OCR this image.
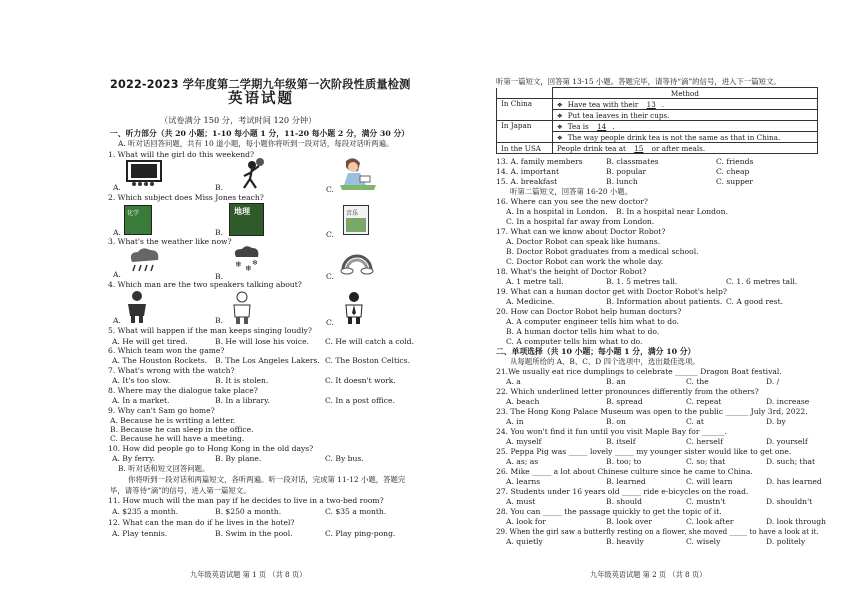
2022-2023 学年度第二学期九年级第一次阶段性质量检测
英语试题
（试卷满分 150 分，考试时间 120 分钟）
一、听力部分（共 20 小题；1-10 每小题 1 分，11-20 每小题 2 分，满分 30 分）
A. 听对话回答问题，共有 10 道小题，每小题你将听到一段对话，每段对话听两遍。
1. What will the girl do this weekend?
A.	B.	C.
2. Which subject does Miss Jones teach?
A.
化学
B.
地理
C.
音乐
3. What's the weather like now?
A.	B.
❄ ❄
❄
C.
4. Which man are the two speakers talking about?
A.	B.	C.
5. What will happen if the man keeps singing loudly?
A. He will get tired.	B. He will lose his voice. C. He will catch a cold.
6. Which team won the game?
A. The Houston Rockets. B. The Los Angeles Lakers. C. The Boston Celtics.
7. What's wrong with the watch?
A. It's too slow.	B. It is stolen.	C. It doesn't work.
8. Where may the dialogue take place?
A. In a market.	B. In a library.	C. In a post office.
9. Why can't Sam go home?
A. Because he is writing a letter.
B. Because he can sleep in the office.
C. Because he will have a meeting.
10. How did people go to Hong Kong in the old days?
A. By ferry.	B. By plane.	C. By bus.
B. 听对话和短文回答问题。
你将听到一段对话和两篇短文，各听两遍。听一段对话，完成第 11-12 小题，答题完
毕，请等待“滴”的信号，进入第一篇短文。
11. How much will the man pay if he decides to live in a two-bed room?
A. $235 a month.	B. $250 a month.	C. $35 a month.
12. What can the man do if he lives in the hotel?
A. Play tennis.	B. Swim in the pool.	C. Play ping-pong.
九年级英语试题 第 1 页 （共 8 页）
听第一篇短文，回答第 13-15 小题。答题完毕，请等待“滴”的信号，进入下一篇短文。
	Method
In China	❖ Have tea with their 13 .
	❖ Put tea leaves in their cups.
In Japan	❖ Tea is 14 .
	❖ The way people drink tea is not the same as that in China.
In the USA	People drink tea at 15 or after meals.
13. A. family members	B. classmates	C. friends
14. A. important	B. popular	C. cheap
15. A. breakfast	B. lunch	C. supper
听第二篇短文，回答第 16-20 小题。
16. Where can you see the new doctor?
A. In a hospital in London. B. In a hospital near London.
C. In a hospital far away from London.
17. What can we know about Doctor Robot?
A. Doctor Robot can speak like humans.
B. Doctor Robot graduates from a medical school.
C. Doctor Robot can work the whole day.
18. What's the height of Doctor Robot?
A. 1 metre tall.	B. 1. 5 metres tall.	C. 1. 6 metres tall.
19. What can a human doctor get with Doctor Robot's help?
A. Medicine.	B. Information about patients. C. A good rest.
20. How can Doctor Robot help human doctors?
A. A computer engineer tells him what to do.
B. A human doctor tells him what to do.
C. A computer tells him what to do.
二、单项选择（共 10 小题；每小题 1 分，满分 10 分）
从每题所给的 A、B、C、D 四个选项中，选出最佳选项。
21.We usually eat rice dumplings to celebrate ______ Dragon Boat festival.
A. a	B. an	C. the	D. /
22. Which underlined letter pronounces differently from the others?
A. beach	B. spread	C. repeat	D. increase
23. The Hong Kong Palace Museum was open to the public ______ July 3rd, 2022.
A. in	B. on	C. at	D. by
24. You won't find it fun until you visit Maple Bay for ______.
A. myself	B. itself	C. herself	D. yourself
25. Peppa Pig was _____ lovely _____ my younger sister would like to get one.
A. as; as	B. too; to	C. so; that	D. such; that
26. Mike _____ a lot about Chinese culture since he came to China.
A. learns	B. learned	C. will learn	D. has learned
27. Students under 16 years old _____ ride e-bicycles on the road.
A. must	B. should	C. mustn't	D. shouldn't
28. You can _____ the passage quickly to get the topic of it.
A. look for	B. look over	C. look after	D. look through
29. When the girl saw a butterfly resting on a flower, she moved _____ to have a look at it.
A. quietly	B. heavily	C. wisely	D. politely
九年级英语试题 第 2 页 （共 8 页）
